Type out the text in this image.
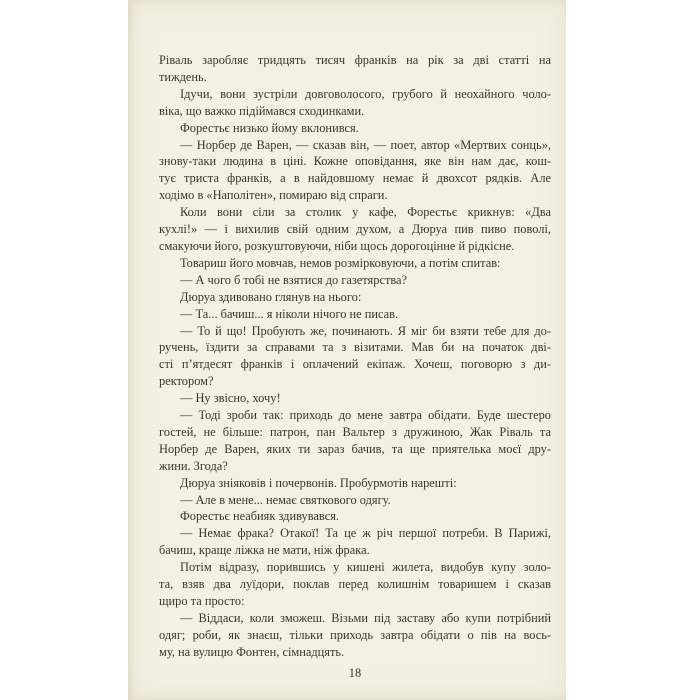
Ріваль заробляє тридцять тисяч франків на рік за дві статті на
тиждень.
Ідучи, вони зустріли довговолосого, грубого й неохайного чоло-
віка, що важко підіймався сходинками.
Форестьє низько йому вклонився.
— Норбер де Варен, — сказав він, — поет, автор «Мертвих сонць»,
знову-таки людина в ціні. Кожне оповідання, яке він нам дає, кош-
тує триста франків, а в найдовшому немає й двохсот рядків. Але
ходімо в «Наполітен», помираю від спраги.
Коли вони сіли за столик у кафе, Форестьє крикнув: «Два
кухлі!» — і вихилив свій одним духом, а Дюруа пив пиво поволі,
смакуючи його, розкуштовуючи, ніби щось дорогоцінне й рідкісне.
Товариш його мовчав, немов розмірковуючи, а потім спитав:
— А чого б тобі не взятися до газетярства?
Дюруа здивовано глянув на нього:
— Та... бачиш... я ніколи нічого не писав.
— То й що! Пробують же, починають. Я міг би взяти тебе для до-
ручень, їздити за справами та з візитами. Мав би на початок дві-
сті п’ятдесят франків і оплачений екіпаж. Хочеш, поговорю з ди-
ректором?
— Ну звісно, хочу!
— Тоді зроби так: приходь до мене завтра обідати. Буде шестеро
гостей, не більше: патрон, пан Вальтер з дружиною, Жак Ріваль та
Норбер де Варен, яких ти зараз бачив, та ще приятелька моєї дру-
жини. Згода?
Дюруа зніяковів і почервонів. Пробурмотів нарешті:
— Але в мене... немає святкового одягу.
Форестьє неабияк здивувався.
— Немає фрака? Отакої! Та це ж річ першої потреби. В Парижі,
бачиш, краще ліжка не мати, ніж фрака.
Потім відразу, порившись у кишені жилета, видобув купу золо-
та, взяв два луїдори, поклав перед колишнім товаришем і сказав
щиро та просто:
— Віддаси, коли зможеш. Візьми під заставу або купи потрібний
одяг; роби, як знаєш, тільки приходь завтра обідати о пів на вось-
му, на вулицю Фонтен, сімнадцять.
18
